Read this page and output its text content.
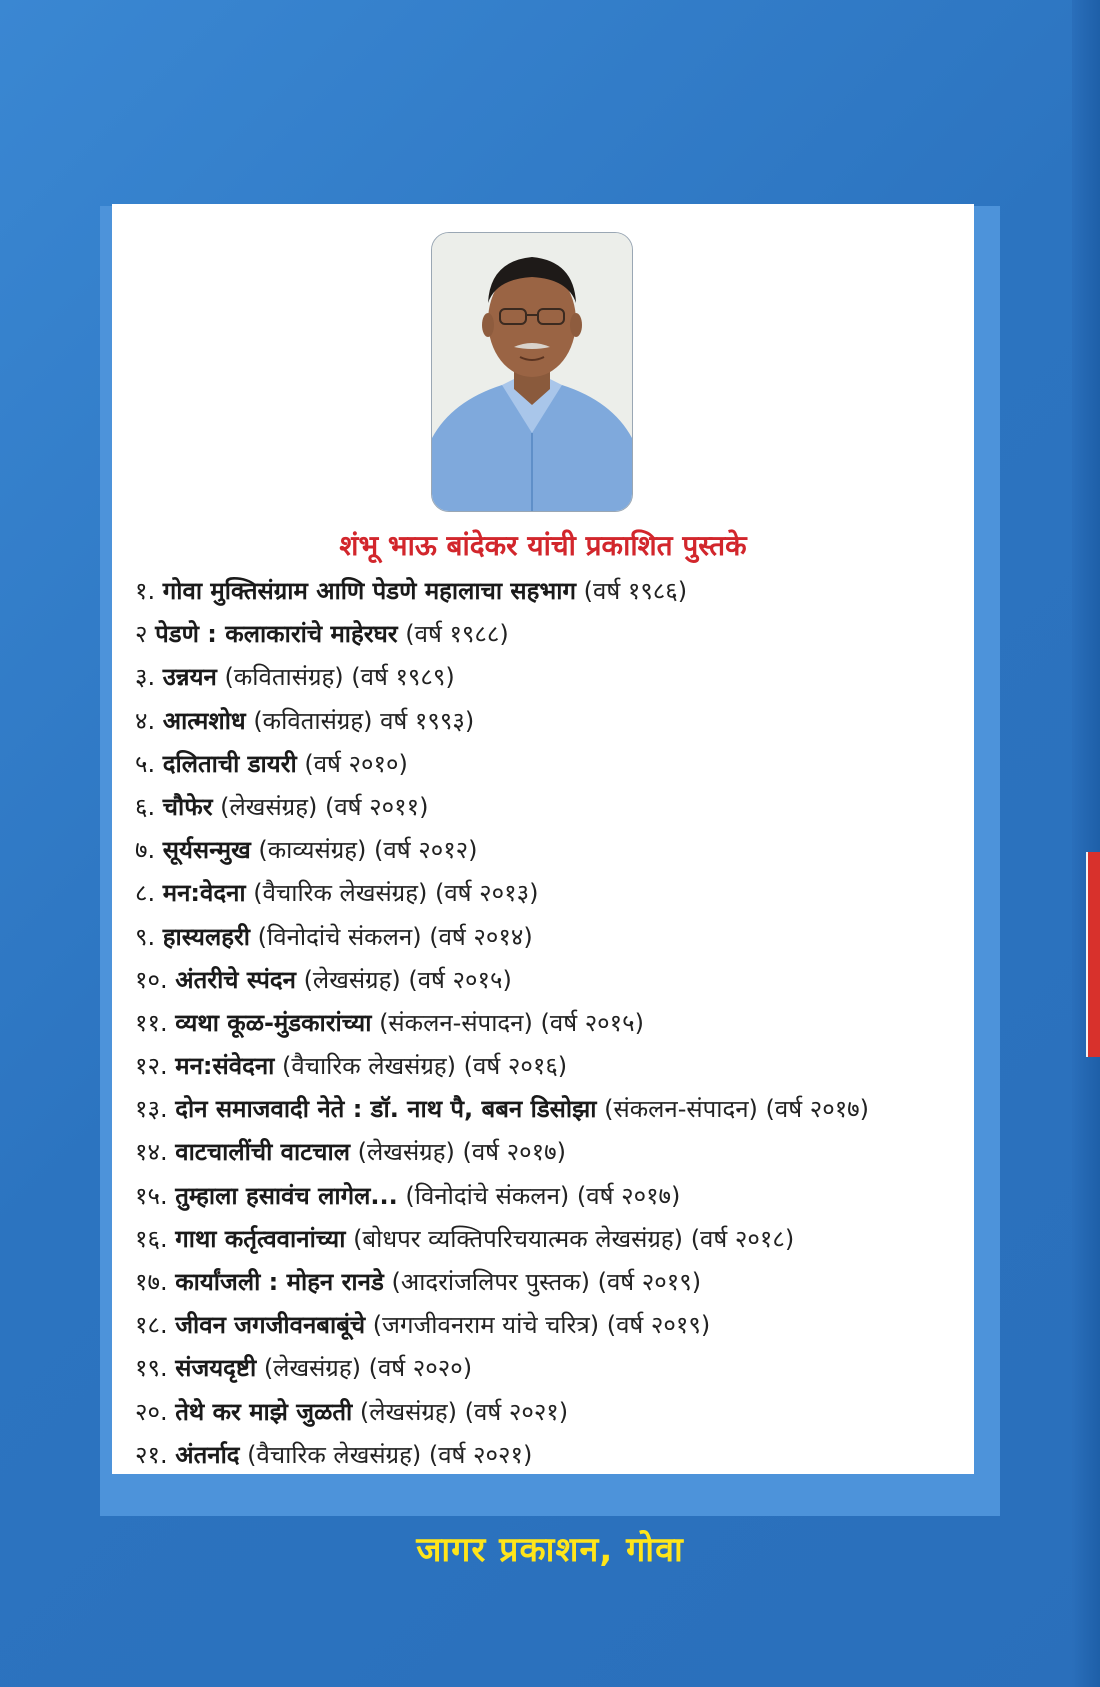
शंभू भाऊ बांदेकर यांची प्रकाशित पुस्तके
१. गोवा मुक्तिसंग्राम आणि पेडणे महालाचा सहभाग (वर्ष १९८६)
२ पेडणे : कलाकारांचे माहेरघर (वर्ष १९८८)
३. उन्नयन (कवितासंग्रह) (वर्ष १९८९)
४. आत्मशोध (कवितासंग्रह) वर्ष १९९३)
५. दलिताची डायरी (वर्ष २०१०)
६. चौफेर (लेखसंग्रह) (वर्ष २०११)
७. सूर्यसन्मुख (काव्यसंग्रह) (वर्ष २०१२)
८. मन:वेदना (वैचारिक लेखसंग्रह) (वर्ष २०१३)
९. हास्यलहरी (विनोदांचे संकलन) (वर्ष २०१४)
१०. अंतरीचे स्पंदन (लेखसंग्रह) (वर्ष २०१५)
११. व्यथा कूळ-मुंडकारांच्या (संकलन-संपादन) (वर्ष २०१५)
१२. मन:संवेदना (वैचारिक लेखसंग्रह) (वर्ष २०१६)
१३. दोन समाजवादी नेते : डॉ. नाथ पै, बबन डिसोझा (संकलन-संपादन) (वर्ष २०१७)
१४. वाटचालींची वाटचाल (लेखसंग्रह) (वर्ष २०१७)
१५. तुम्हाला हसावंच लागेल... (विनोदांचे संकलन) (वर्ष २०१७)
१६. गाथा कर्तृत्ववानांच्या (बोधपर व्यक्तिपरिचयात्मक लेखसंग्रह) (वर्ष २०१८)
१७. कार्यांजली : मोहन रानडे (आदरांजलिपर पुस्तक) (वर्ष २०१९)
१८. जीवन जगजीवनबाबूंचे (जगजीवनराम यांचे चरित्र) (वर्ष २०१९)
१९. संजयदृष्टी (लेखसंग्रह) (वर्ष २०२०)
२०. तेथे कर माझे जुळती (लेखसंग्रह) (वर्ष २०२१)
२१. अंतर्नाद (वैचारिक लेखसंग्रह) (वर्ष २०२१)
जागर प्रकाशन, गोवा
